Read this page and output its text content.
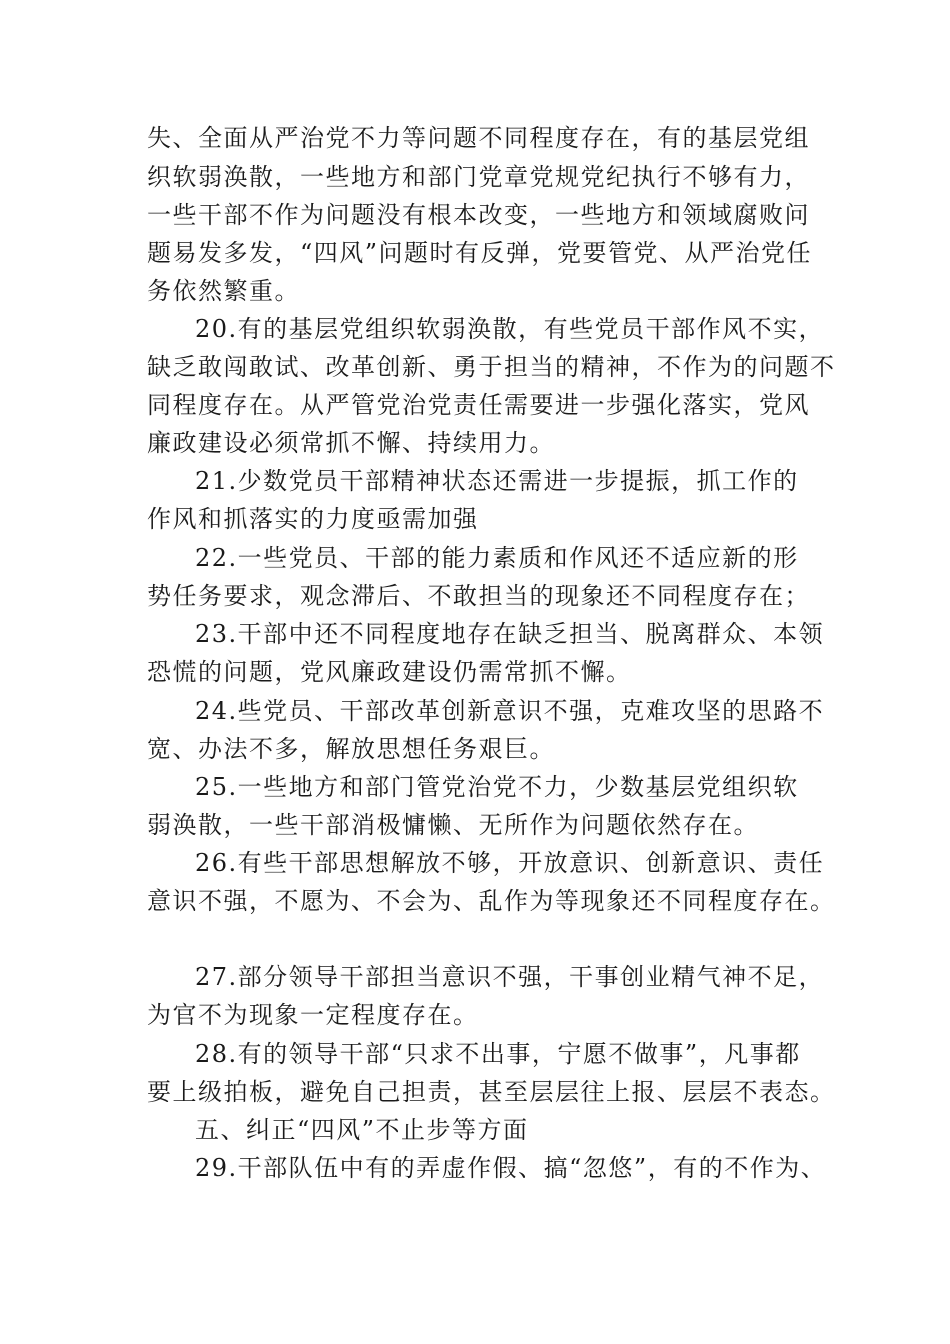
失、全面从严治党不力等问题不同程度存在，有的基层党组
织软弱涣散，一些地方和部门党章党规党纪执行不够有力，
一些干部不作为问题没有根本改变，一些地方和领域腐败问
题易发多发，“四风”问题时有反弹，党要管党、从严治党任
务依然繁重。
20.有的基层党组织软弱涣散，有些党员干部作风不实，
缺乏敢闯敢试、改革创新、勇于担当的精神，不作为的问题不
同程度存在。从严管党治党责任需要进一步强化落实，党风
廉政建设必须常抓不懈、持续用力。
21.少数党员干部精神状态还需进一步提振，抓工作的
作风和抓落实的力度亟需加强
22.一些党员、干部的能力素质和作风还不适应新的形
势任务要求，观念滞后、不敢担当的现象还不同程度存在；
23.干部中还不同程度地存在缺乏担当、脱离群众、本领
恐慌的问题，党风廉政建设仍需常抓不懈。
24.些党员、干部改革创新意识不强，克难攻坚的思路不
宽、办法不多，解放思想任务艰巨。
25.一些地方和部门管党治党不力，少数基层党组织软
弱涣散，一些干部消极慵懒、无所作为问题依然存在。
26.有些干部思想解放不够，开放意识、创新意识、责任
意识不强，不愿为、不会为、乱作为等现象还不同程度存在。
27.部分领导干部担当意识不强，干事创业精气神不足，
为官不为现象一定程度存在。
28.有的领导干部“只求不出事，宁愿不做事”，凡事都
要上级拍板，避免自己担责，甚至层层往上报、层层不表态。
五、纠正“四风”不止步等方面
29.干部队伍中有的弄虚作假、搞“忽悠”，有的不作为、
